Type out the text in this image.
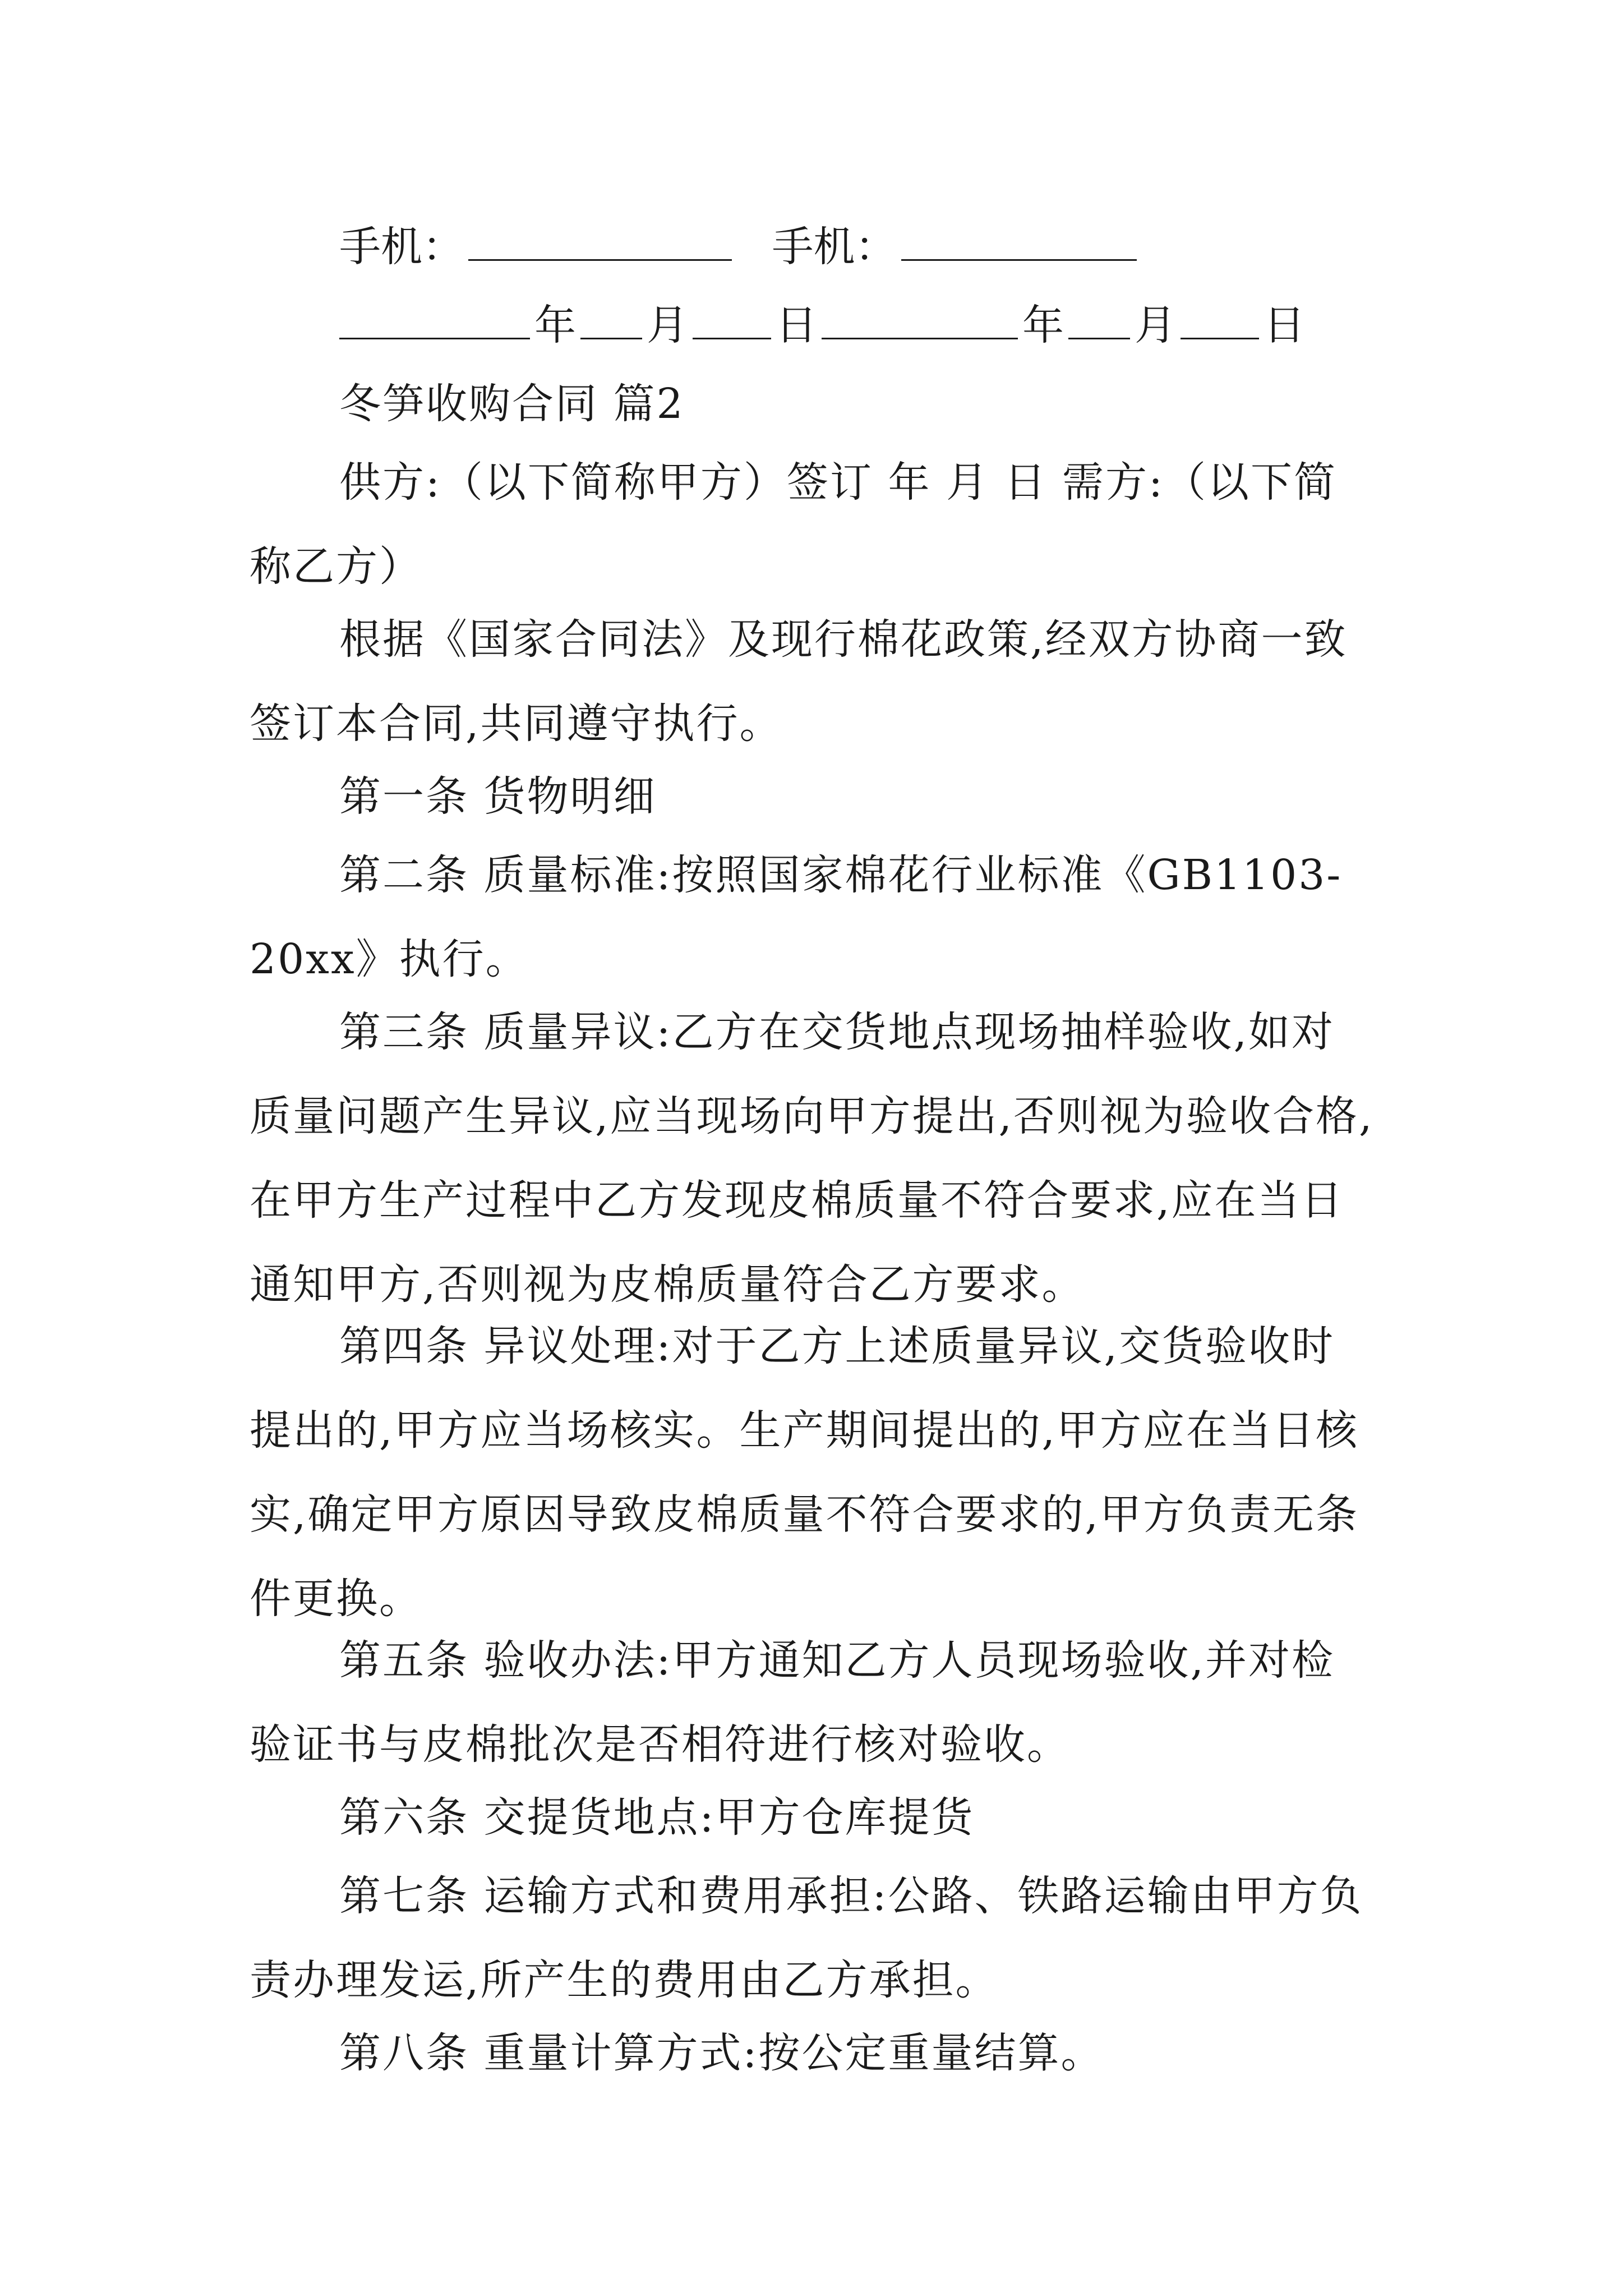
手机：	手机：
年 月 日	年 月 日
冬笋收购合同 篇2
供方:（以下简称甲方）签订 年 月 日 需方:（以下简称乙方）
根据《国家合同法》及现行棉花政策,经双方协商一致签订本合同,共同遵守执行。
第一条 货物明细
第二条 质量标准:按照国家棉花行业标准《GB1103-20xx》执行。
第三条 质量异议:乙方在交货地点现场抽样验收,如对质量问题产生异议,应当现场向甲方提出,否则视为验收合格,在甲方生产过程中乙方发现皮棉质量不符合要求,应在当日通知甲方,否则视为皮棉质量符合乙方要求。
第四条 异议处理:对于乙方上述质量异议,交货验收时提出的,甲方应当场核实。生产期间提出的,甲方应在当日核实,确定甲方原因导致皮棉质量不符合要求的,甲方负责无条件更换。
第五条 验收办法:甲方通知乙方人员现场验收,并对检验证书与皮棉批次是否相符进行核对验收。
第六条 交提货地点:甲方仓库提货
第七条 运输方式和费用承担:公路、铁路运输由甲方负责办理发运,所产生的费用由乙方承担。
第八条 重量计算方式:按公定重量结算。
